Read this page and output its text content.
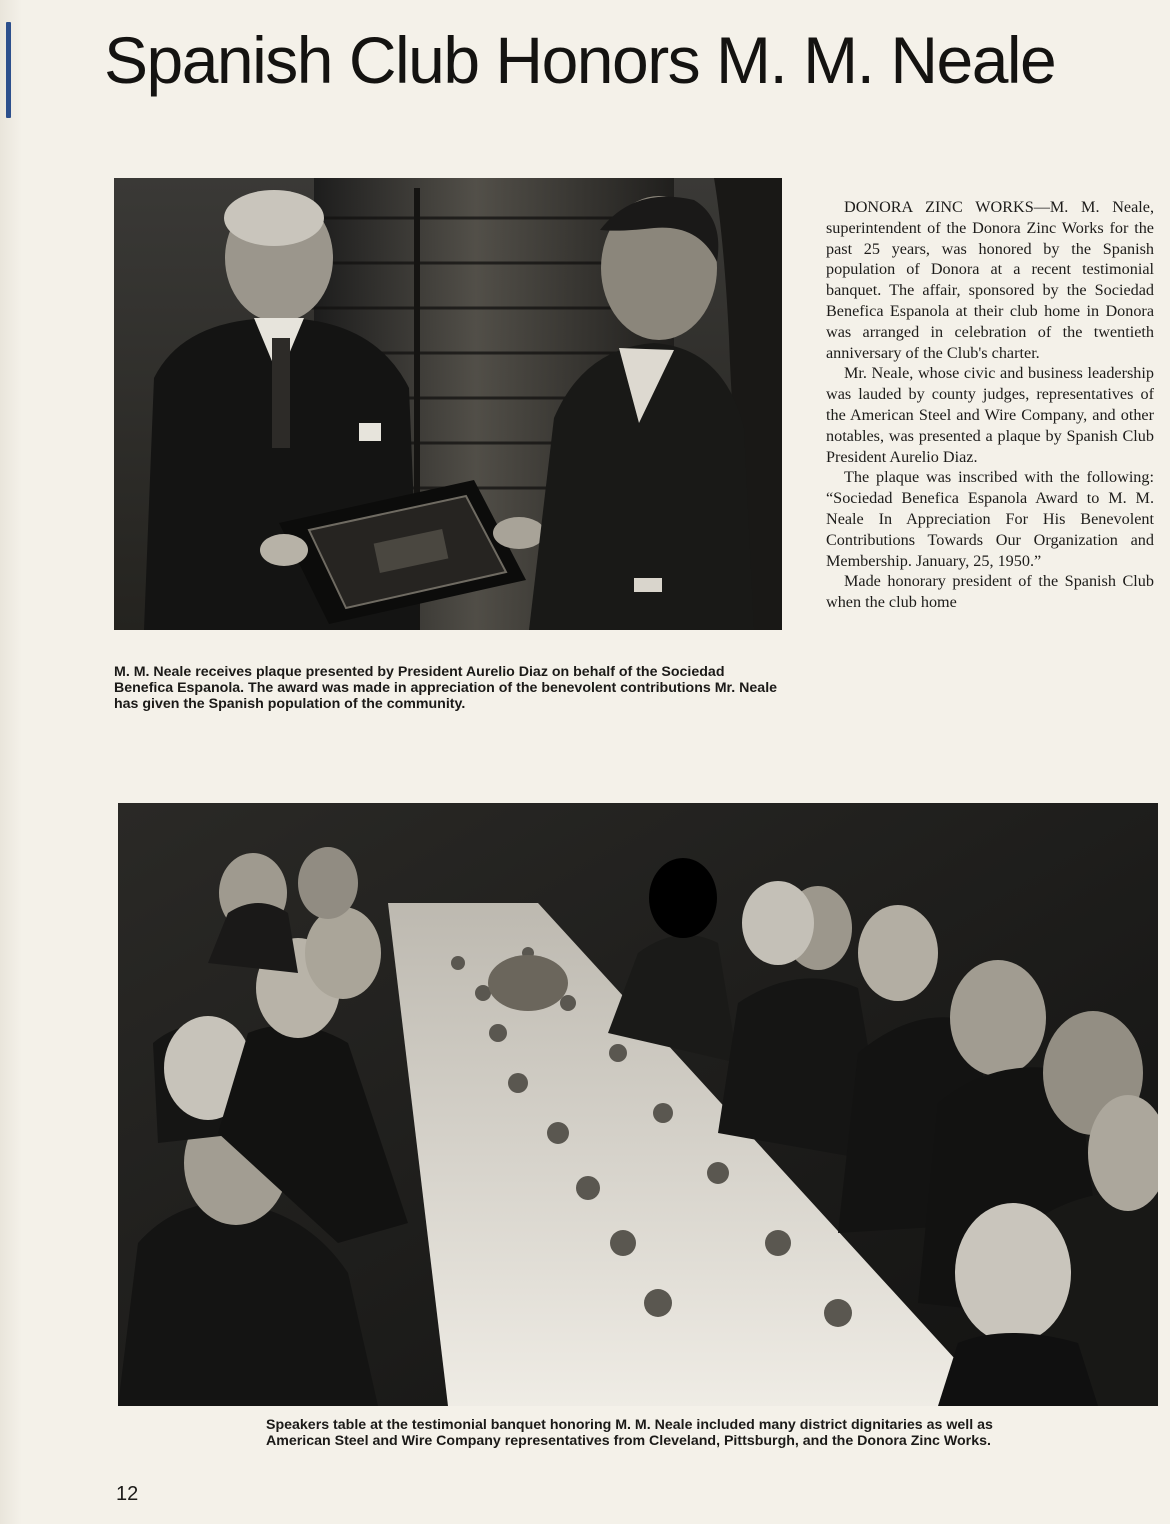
Spanish Club Honors M. M. Neale

M. M. Neale receives plaque presented by President Aurelio Diaz on behalf of the Sociedad Benefica Espanola. The award was made in appreciation of the benevolent contributions Mr. Neale has given the Spanish population of the community.

DONORA ZINC WORKS—M. M. Neale, superintendent of the Donora Zinc Works for the past 25 years, was honored by the Spanish population of Donora at a recent testimonial banquet. The affair, sponsored by the Sociedad Benefica Espanola at their club home in Donora was arranged in celebration of the twentieth anniversary of the Club's charter.

Mr. Neale, whose civic and business leadership was lauded by county judges, representatives of the American Steel and Wire Company, and other notables, was presented a plaque by Spanish Club President Aurelio Diaz.

The plaque was inscribed with the following: “Sociedad Benefica Espanola Award to M. M. Neale In Appreciation For His Benevolent Contributions Towards Our Organization and Membership. January, 25, 1950.”

Made honorary president of the Spanish Club when the club home

Speakers table at the testimonial banquet honoring M. M. Neale included many district dignitaries as well as American Steel and Wire Company representatives from Cleveland, Pittsburgh, and the Donora Zinc Works.

12
